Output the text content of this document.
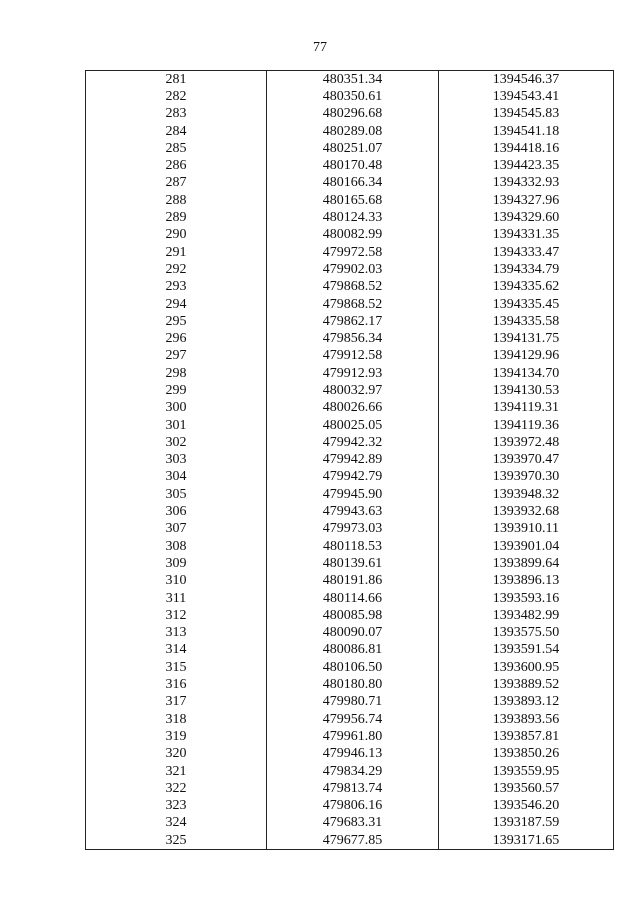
77
281	480351.34	1394546.37
282	480350.61	1394543.41
283	480296.68	1394545.83
284	480289.08	1394541.18
285	480251.07	1394418.16
286	480170.48	1394423.35
287	480166.34	1394332.93
288	480165.68	1394327.96
289	480124.33	1394329.60
290	480082.99	1394331.35
291	479972.58	1394333.47
292	479902.03	1394334.79
293	479868.52	1394335.62
294	479868.52	1394335.45
295	479862.17	1394335.58
296	479856.34	1394131.75
297	479912.58	1394129.96
298	479912.93	1394134.70
299	480032.97	1394130.53
300	480026.66	1394119.31
301	480025.05	1394119.36
302	479942.32	1393972.48
303	479942.89	1393970.47
304	479942.79	1393970.30
305	479945.90	1393948.32
306	479943.63	1393932.68
307	479973.03	1393910.11
308	480118.53	1393901.04
309	480139.61	1393899.64
310	480191.86	1393896.13
311	480114.66	1393593.16
312	480085.98	1393482.99
313	480090.07	1393575.50
314	480086.81	1393591.54
315	480106.50	1393600.95
316	480180.80	1393889.52
317	479980.71	1393893.12
318	479956.74	1393893.56
319	479961.80	1393857.81
320	479946.13	1393850.26
321	479834.29	1393559.95
322	479813.74	1393560.57
323	479806.16	1393546.20
324	479683.31	1393187.59
325	479677.85	1393171.65
